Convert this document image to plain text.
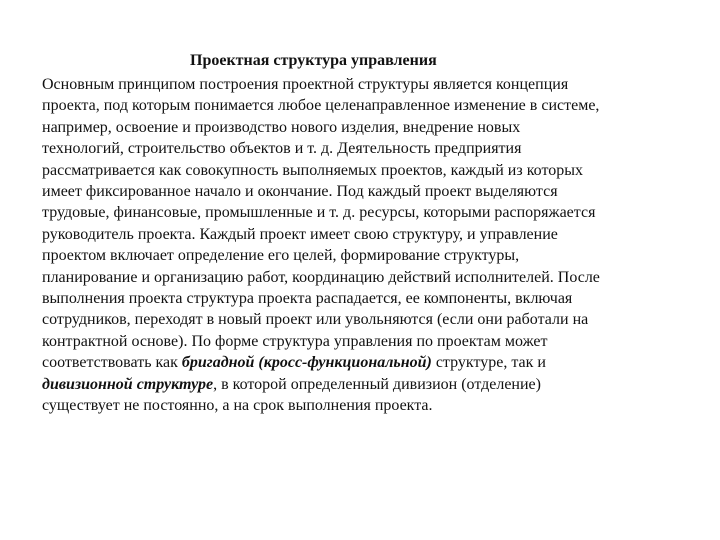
Проектная структура управления
Основным принципом построения проектной структуры является концепция
проекта, под которым понимается любое целенаправленное изменение в системе,
например, освоение и производство нового изделия, внедрение новых
технологий, строительство объектов и т. д. Деятельность предприятия
рассматривается как совокупность выполняемых проектов, каждый из которых
имеет фиксированное начало и окончание. Под каждый проект выделяются
трудовые, финансовые, промышленные и т. д. ресурсы, которыми распоряжается
руководитель проекта. Каждый проект имеет свою структуру, и управление
проектом включает определение его целей, формирование структуры,
планирование и организацию работ, координацию действий исполнителей. После
выполнения проекта структура проекта распадается, ее компоненты, включая
сотрудников, переходят в новый проект или увольняются (если они работали на
контрактной основе). По форме структура управления по проектам может
соответствовать как бригадной (кросс-функциональной) структуре, так и
дивизионной структуре, в которой определенный дивизион (отделение)
существует не постоянно, а на срок выполнения проекта.
